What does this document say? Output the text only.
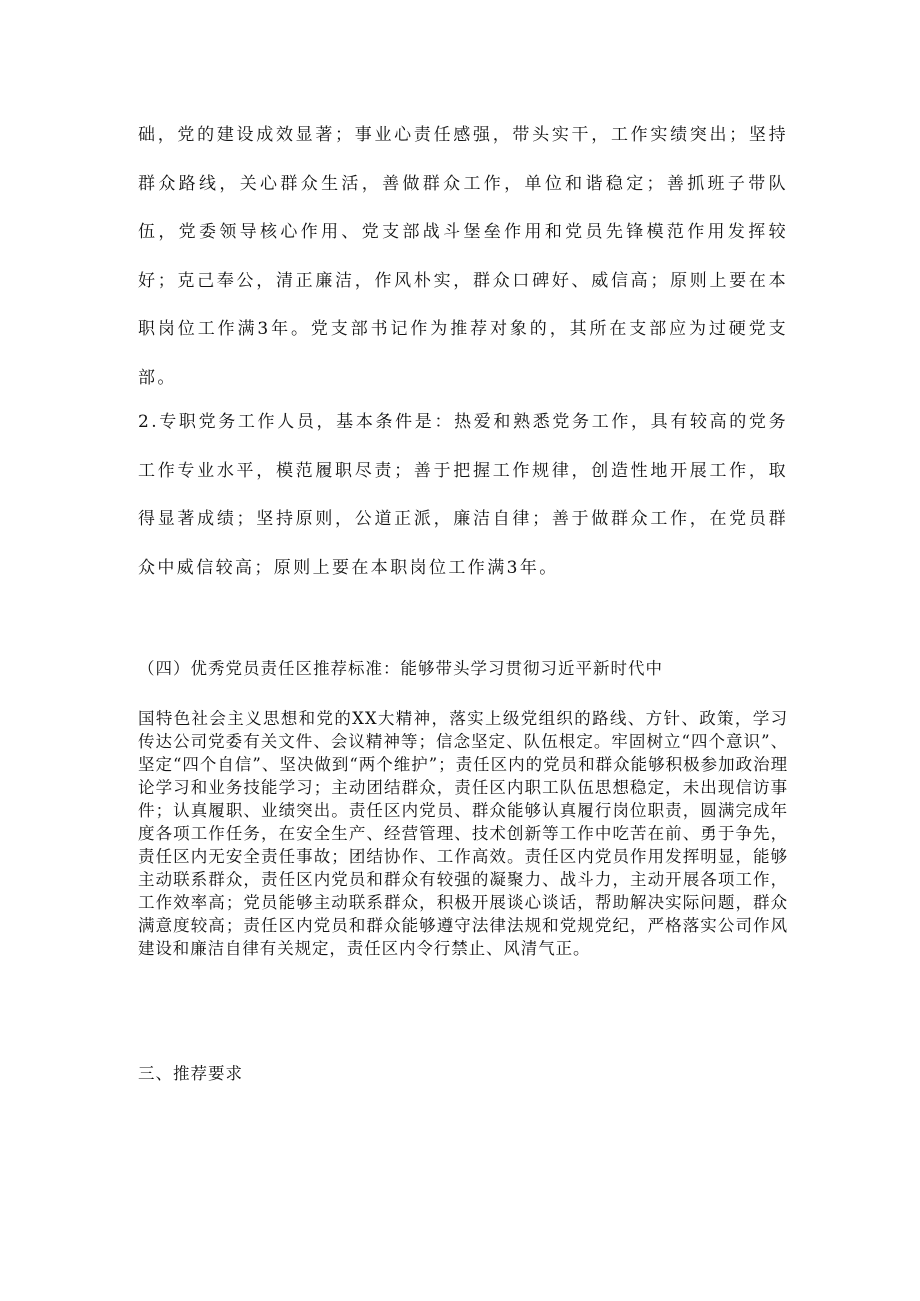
础，党的建设成效显著；事业心责任感强，带头实干，工作实绩突出；坚持群众路线，关心群众生活，善做群众工作，单位和谐稳定；善抓班子带队伍，党委领导核心作用、党支部战斗堡垒作用和党员先锋模范作用发挥较好；克己奉公，清正廉洁，作风朴实，群众口碑好、威信高；原则上要在本职岗位工作满3年。党支部书记作为推荐对象的，其所在支部应为过硬党支部。

2.专职党务工作人员，基本条件是：热爱和熟悉党务工作，具有较高的党务工作专业水平，模范履职尽责；善于把握工作规律，创造性地开展工作，取得显著成绩；坚持原则，公道正派，廉洁自律；善于做群众工作，在党员群众中威信较高；原则上要在本职岗位工作满3年。

（四）优秀党员责任区推荐标准：能够带头学习贯彻习近平新时代中

国特色社会主义思想和党的XX大精神，落实上级党组织的路线、方针、政策，学习传达公司党委有关文件、会议精神等；信念坚定、队伍根定。牢固树立“四个意识”、坚定“四个自信”、坚决做到“两个维护”；责任区内的党员和群众能够积极参加政治理论学习和业务技能学习；主动团结群众，责任区内职工队伍思想稳定，未出现信访事件；认真履职、业绩突出。责任区内党员、群众能够认真履行岗位职责，圆满完成年度各项工作任务，在安全生产、经营管理、技术创新等工作中吃苦在前、勇于争先，责任区内无安全责任事故；团结协作、工作高效。责任区内党员作用发挥明显，能够主动联系群众，责任区内党员和群众有较强的凝聚力、战斗力，主动开展各项工作，工作效率高；党员能够主动联系群众，积极开展谈心谈话，帮助解决实际问题，群众满意度较高；责任区内党员和群众能够遵守法律法规和党规党纪，严格落实公司作风建设和廉洁自律有关规定，责任区内令行禁止、风清气正。

三、推荐要求
